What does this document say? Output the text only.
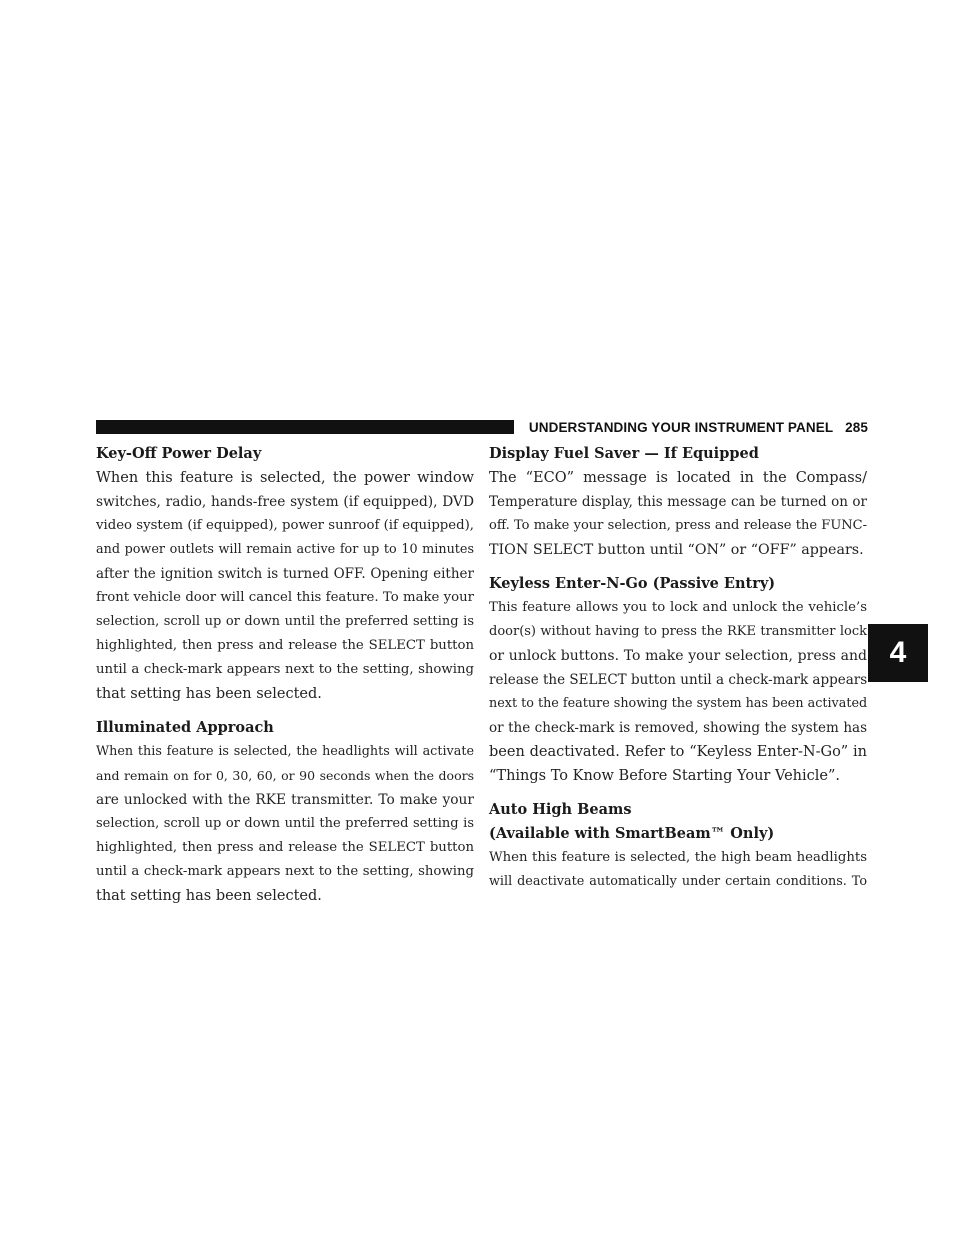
UNDERSTANDING YOUR INSTRUMENT PANEL 285
4
Key-Off Power Delay

When this feature is selected, the power window
switches, radio, hands-free system (if equipped), DVD
video system (if equipped), power sunroof (if equipped),
and power outlets will remain active for up to 10 minutes
after the ignition switch is turned OFF. Opening either
front vehicle door will cancel this feature. To make your
selection, scroll up or down until the preferred setting is
highlighted, then press and release the SELECT button
until a check-mark appears next to the setting, showing
that setting has been selected.

Illuminated Approach

When this feature is selected, the headlights will activate
and remain on for 0, 30, 60, or 90 seconds when the doors
are unlocked with the RKE transmitter. To make your
selection, scroll up or down until the preferred setting is
highlighted, then press and release the SELECT button
until a check-mark appears next to the setting, showing
that setting has been selected.

Display Fuel Saver — If Equipped

The “ECO” message is located in the Compass/
Temperature display, this message can be turned on or
off. To make your selection, press and release the FUNC-
TION SELECT button until “ON” or “OFF” appears.

Keyless Enter-N-Go (Passive Entry)

This feature allows you to lock and unlock the vehicle’s
door(s) without having to press the RKE transmitter lock
or unlock buttons. To make your selection, press and
release the SELECT button until a check-mark appears
next to the feature showing the system has been activated
or the check-mark is removed, showing the system has
been deactivated. Refer to “Keyless Enter-N-Go” in
“Things To Know Before Starting Your Vehicle”.

Auto High Beams
(Available with SmartBeam™ Only)

When this feature is selected, the high beam headlights
will deactivate automatically under certain conditions. To
